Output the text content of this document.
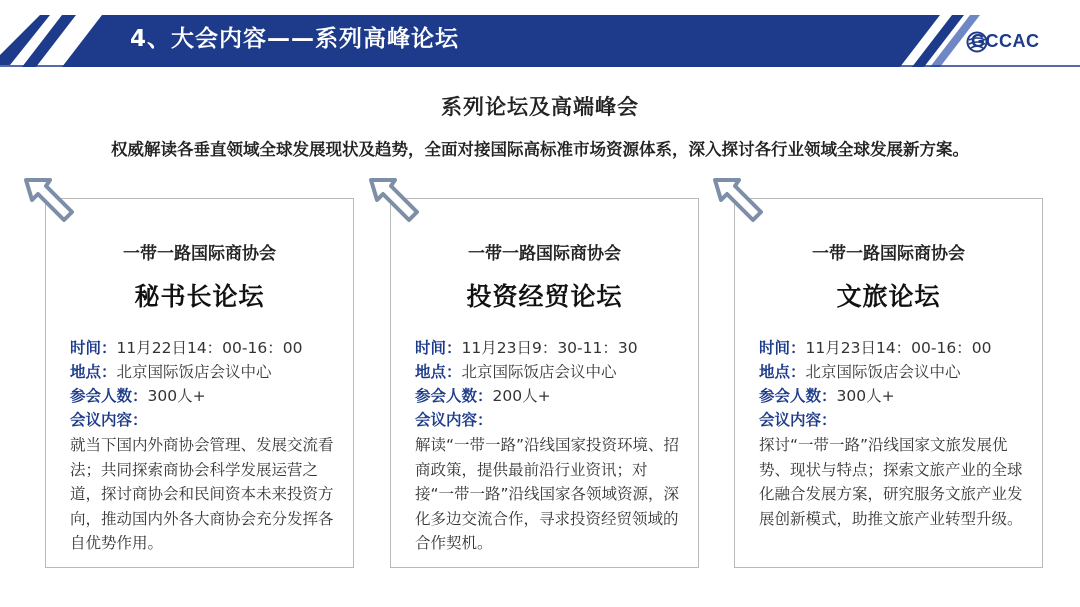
4、大会内容——系列高峰论坛	GCCAC
系列论坛及高端峰会
权威解读各垂直领域全球发展现状及趋势，全面对接国际高标准市场资源体系，深入探讨各行业领域全球发展新方案。
一带一路国际商协会
秘书长论坛
时间：11月22日14：00-16：00
地点：北京国际饭店会议中心
参会人数：300人+
会议内容：
就当下国内外商协会管理、发展交流看法；共同探索商协会科学发展运营之道，探讨商协会和民间资本未来投资方向，推动国内外各大商协会充分发挥各自优势作用。
一带一路国际商协会
投资经贸论坛
时间：11月23日9：30-11：30
地点：北京国际饭店会议中心
参会人数：200人+
会议内容：
解读“一带一路”沿线国家投资环境、招商政策，提供最前沿行业资讯；对接“一带一路”沿线国家各领域资源，深化多边交流合作，寻求投资经贸领域的合作契机。
一带一路国际商协会
文旅论坛
时间：11月23日14：00-16：00
地点：北京国际饭店会议中心
参会人数：300人+
会议内容：
探讨“一带一路”沿线国家文旅发展优势、现状与特点；探索文旅产业的全球化融合发展方案，研究服务文旅产业发展创新模式，助推文旅产业转型升级。
